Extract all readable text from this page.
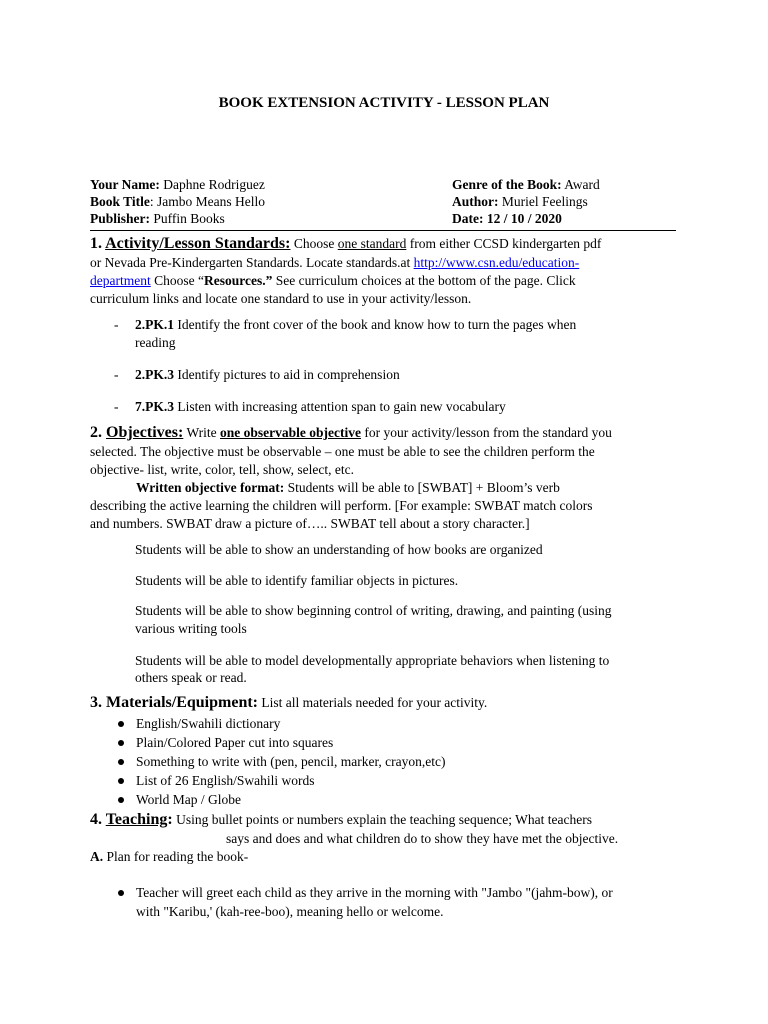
BOOK EXTENSION ACTIVITY - LESSON PLAN
Your Name: Daphne Rodriguez
Book Title: Jambo Means Hello
Publisher: Puffin Books
Genre of the Book: Award
Author: Muriel Feelings
Date: 12 / 10 / 2020
1. Activity/Lesson Standards: Choose one standard from either CCSD kindergarten pdf
or Nevada Pre-Kindergarten Standards. Locate standards.at http://www.csn.edu/education-
department Choose “Resources.” See curriculum choices at the bottom of the page. Click
curriculum links and locate one standard to use in your activity/lesson.
- 2.PK.1 Identify the front cover of the book and know how to turn the pages when
reading
- 2.PK.3 Identify pictures to aid in comprehension
- 7.PK.3 Listen with increasing attention span to gain new vocabulary
2. Objectives: Write one observable objective for your activity/lesson from the standard you
selected. The objective must be observable – one must be able to see the children perform the
objective- list, write, color, tell, show, select, etc.
Written objective format: Students will be able to [SWBAT] + Bloom’s verb
describing the active learning the children will perform. [For example: SWBAT match colors
and numbers. SWBAT draw a picture of….. SWBAT tell about a story character.]
Students will be able to show an understanding of how books are organized
Students will be able to identify familiar objects in pictures.
Students will be able to show beginning control of writing, drawing, and painting (using
various writing tools
Students will be able to model developmentally appropriate behaviors when listening to
others speak or read.
3. Materials/Equipment: List all materials needed for your activity.
English/Swahili dictionary
Plain/Colored Paper cut into squares
Something to write with (pen, pencil, marker, crayon,etc)
List of 26 English/Swahili words
World Map / Globe
4. Teaching: Using bullet points or numbers explain the teaching sequence; What teachers
says and does and what children do to show they have met the objective.
A. Plan for reading the book-
Teacher will greet each child as they arrive in the morning with "Jambo "(jahm-bow), or
with "Karibu,' (kah-ree-boo), meaning hello or welcome.
